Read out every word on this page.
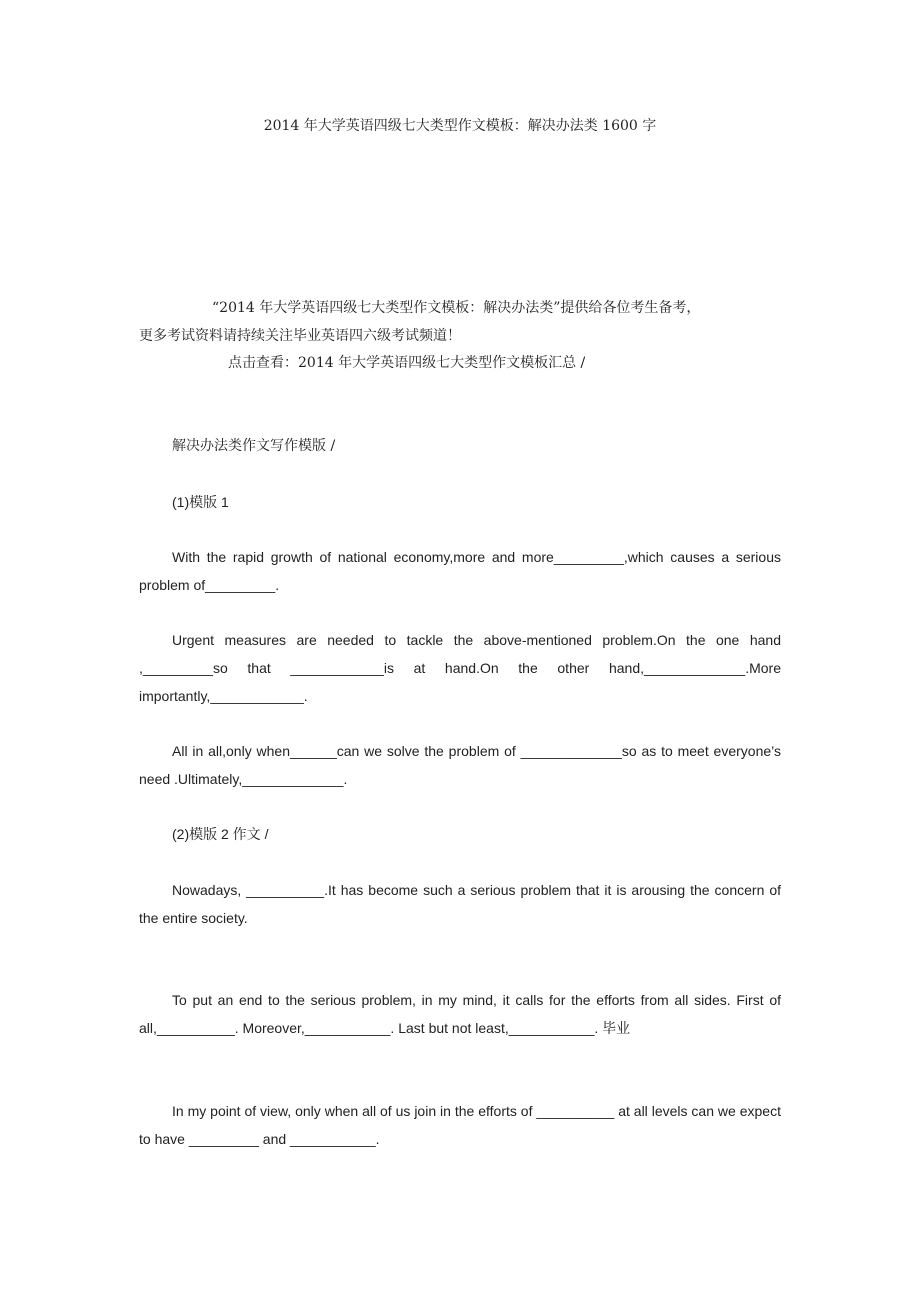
2014 年大学英语四级七大类型作文模板：解决办法类 1600 字
“2014 年大学英语四级七大类型作文模板：解决办法类”提供给各位考生备考，
更多考试资料请持续关注毕业英语四六级考试频道！
点击查看：2014 年大学英语四级七大类型作文模板汇总 /
解决办法类作文写作模版 /
(1)模版 1
With the rapid growth of national economy,more and more_________,which causes a serious problem of_________.
Urgent measures are needed to tackle the above-mentioned problem.On the one hand ,_________so that ____________is at hand.On the other hand,_____________.More importantly,____________.
All in all,only when______can we solve the problem of _____________so as to meet everyone’s need .Ultimately,_____________.
(2)模版 2 作文 /
Nowadays, __________.It has become such a serious problem that it is arousing the concern of the entire society.
To put an end to the serious problem, in my mind, it calls for the efforts from all sides. First of all,__________. Moreover,___________. Last but not least,___________. 毕业
In my point of view, only when all of us join in the efforts of __________ at all levels can we expect to have _________ and ___________.
